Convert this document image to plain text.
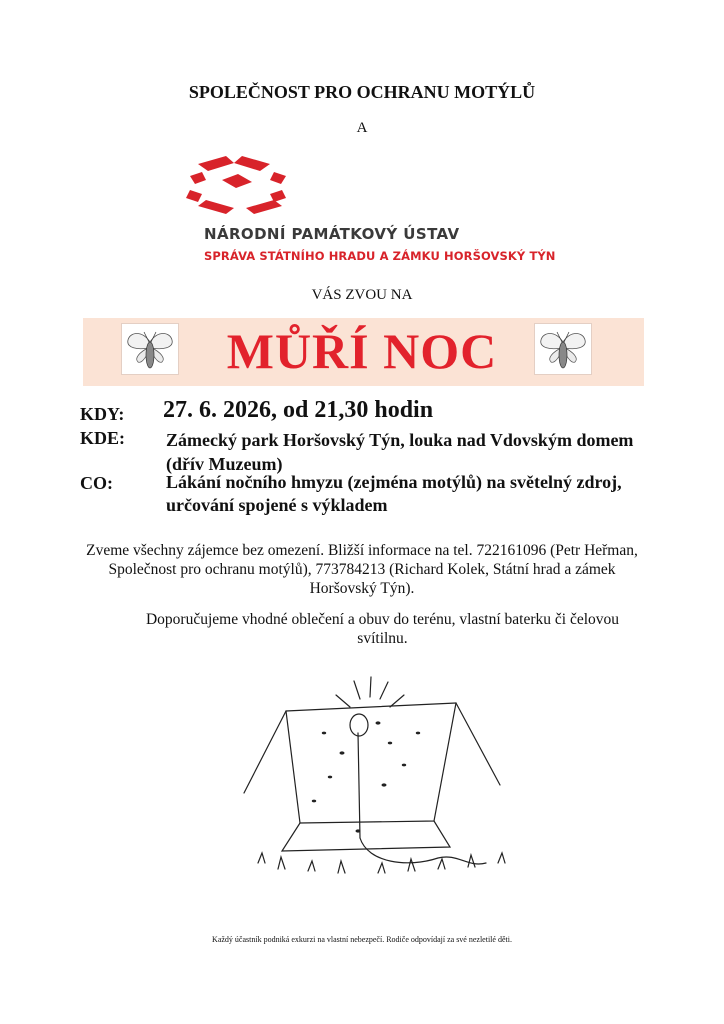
SPOLEČNOST PRO OCHRANU MOTÝLŮ
A
NÁRODNÍ PAMÁTKOVÝ ÚSTAV
SPRÁVA STÁTNÍHO HRADU A ZÁMKU HORŠOVSKÝ TÝN
VÁS ZVOU NA
MŮŘÍ NOC
KDY: 27. 6. 2026, od 21,30 hodin
KDE: Zámecký park Horšovský Týn, louka nad Vdovským domem (dřív Muzeum)
CO:	Lákání nočního hmyzu (zejména motýlů) na světelný zdroj, určování spojené s výkladem
Zveme všechny zájemce bez omezení. Bližší informace na tel. 722161096 (Petr Heřman, Společnost pro ochranu motýlů), 773784213 (Richard Kolek, Státní hrad a zámek Horšovský Týn).
Doporučujeme vhodné oblečení a obuv do terénu, vlastní baterku či čelovou svítilnu.
Každý účastník podniká exkurzi na vlastní nebezpečí. Rodiče odpovídají za své nezletilé děti.
